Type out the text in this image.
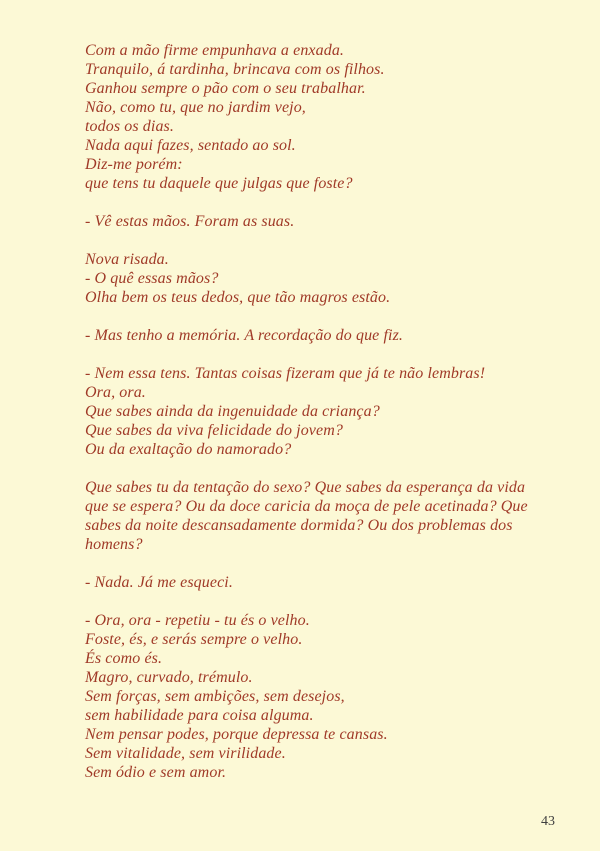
Com a mão firme empunhava a enxada.
Tranquilo, á tardinha, brincava com os filhos.
Ganhou sempre o pão com o seu trabalhar.
Não, como tu, que no jardim vejo,
todos os dias.
Nada aqui fazes, sentado ao sol.
Diz-me porém:
que tens tu daquele que julgas que foste?
- Vê estas mãos. Foram as suas.
Nova risada.
- O quê essas mãos?
Olha bem os teus dedos, que tão magros estão.
- Mas tenho a memória. A recordação do que fiz.
- Nem essa tens. Tantas coisas fizeram que já te não lembras!
Ora, ora.
Que sabes ainda da ingenuidade da criança?
Que sabes da viva felicidade do jovem?
Ou da exaltação do namorado?
Que sabes tu da tentação do sexo? Que sabes da esperança da vida
que se espera? Ou da doce caricia da moça de pele acetinada? Que
sabes da noite descansadamente dormida? Ou dos problemas dos
homens?
- Nada. Já me esqueci.
- Ora, ora - repetiu - tu és o velho.
Foste, és, e serás sempre o velho.
És como és.
Magro, curvado, trémulo.
Sem forças, sem ambições, sem desejos,
sem habilidade para coisa alguma.
Nem pensar podes, porque depressa te cansas.
Sem vitalidade, sem virilidade.
Sem ódio e sem amor.
43
